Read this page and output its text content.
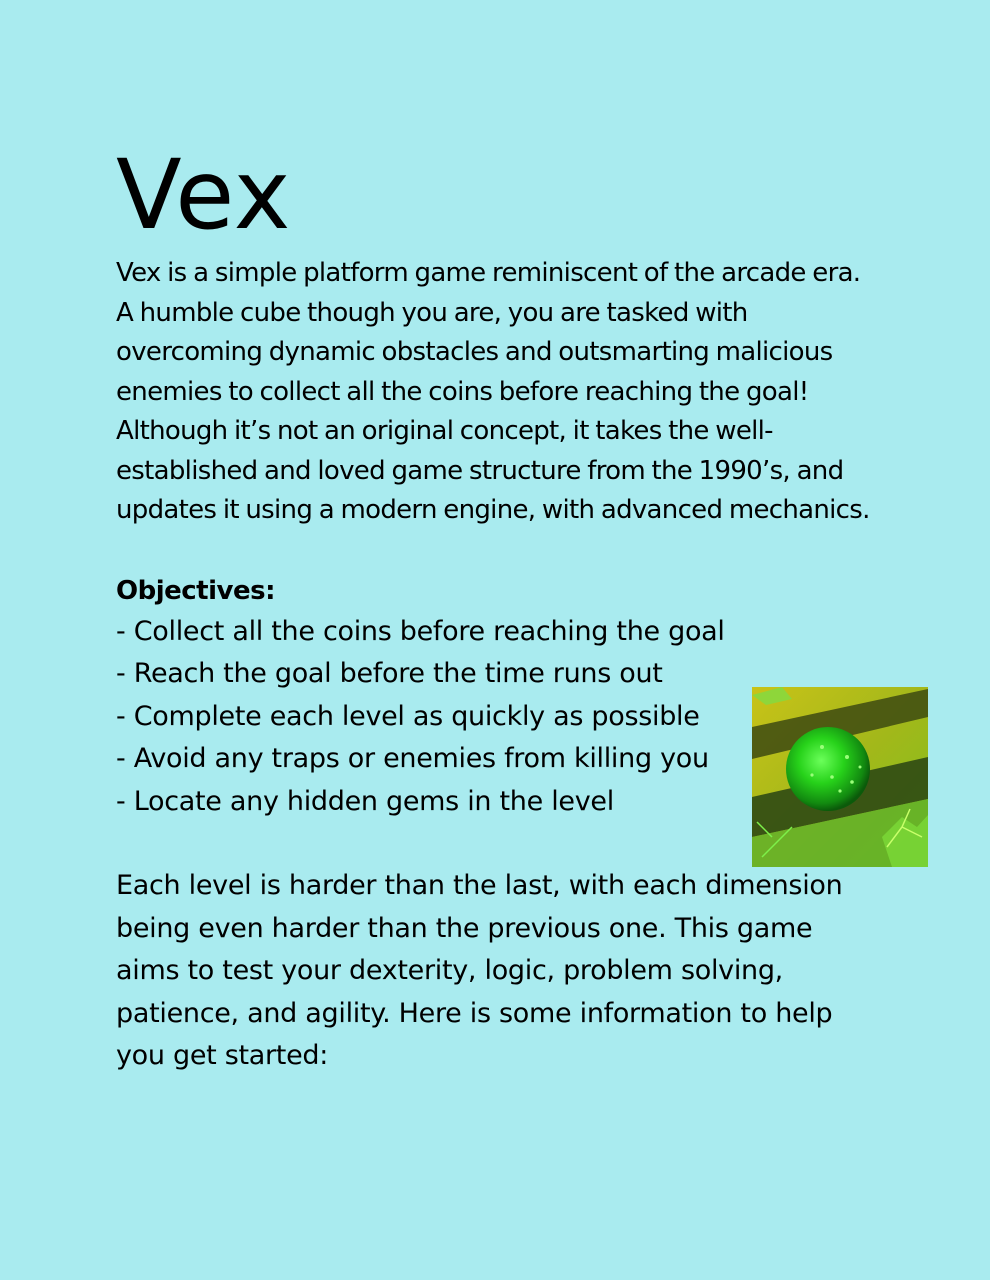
Vex

Vex is a simple platform game reminiscent of the arcade era. A humble cube though you are, you are tasked with overcoming dynamic obstacles and outsmarting malicious enemies to collect all the coins before reaching the goal! Although it’s not an original concept, it takes the well-established and loved game structure from the 1990’s, and updates it using a modern engine, with advanced mechanics.

Objectives:
- Collect all the coins before reaching the goal
- Reach the goal before the time runs out
- Complete each level as quickly as possible
- Avoid any traps or enemies from killing you
- Locate any hidden gems in the level

Each level is harder than the last, with each dimension being even harder than the previous one. This game aims to test your dexterity, logic, problem solving, patience, and agility. Here is some information to help you get started:
